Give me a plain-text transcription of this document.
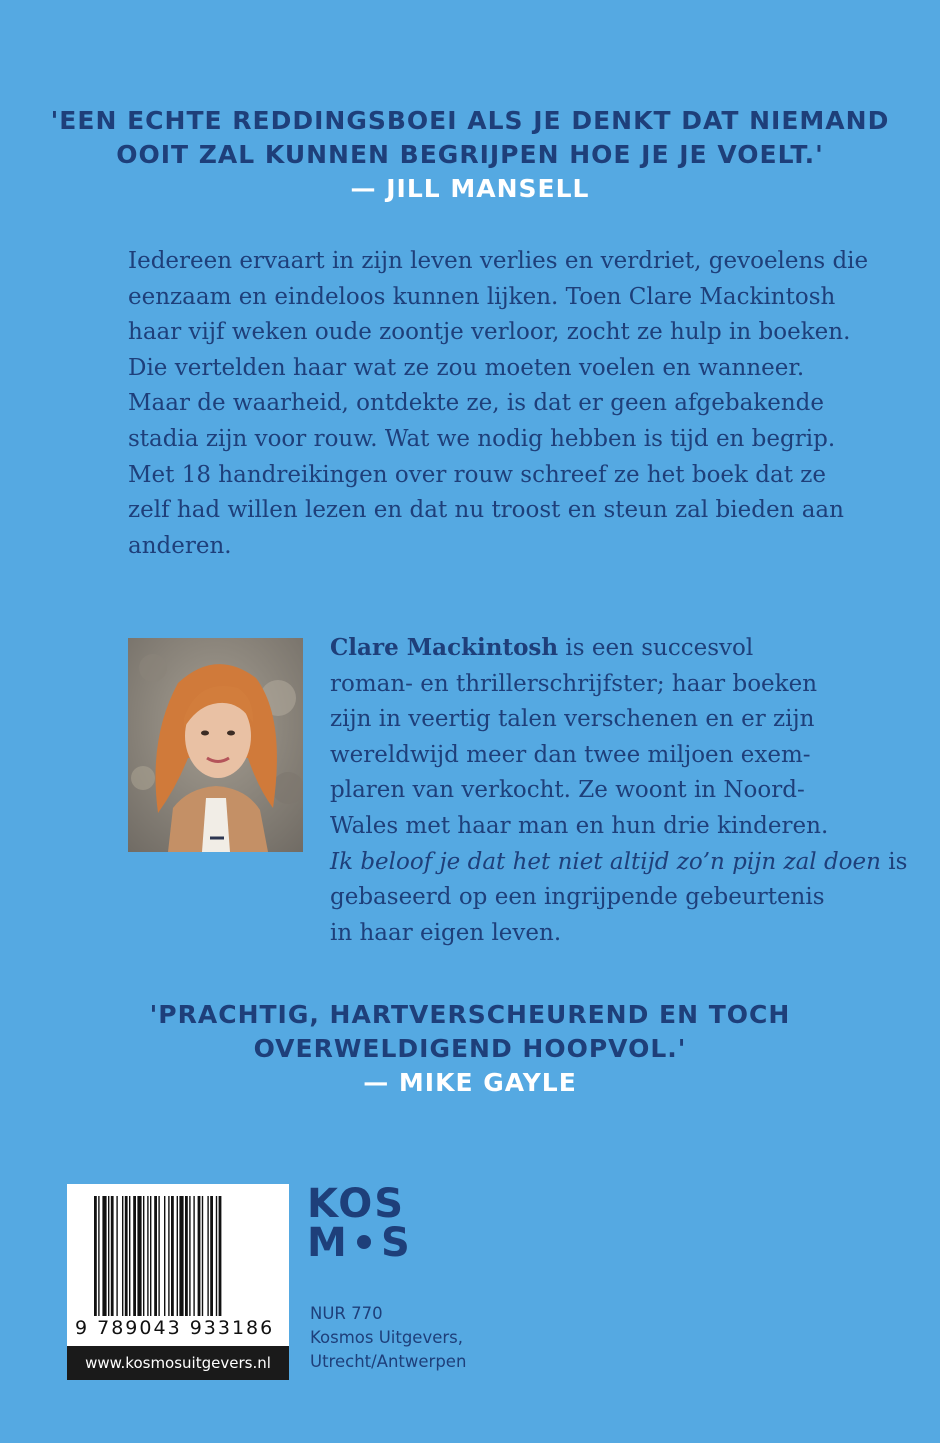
'EEN ECHTE REDDINGSBOEI ALS JE DENKT DAT NIEMAND
OOIT ZAL KUNNEN BEGRIJPEN HOE JE JE VOELT.'
— JILL MANSELL
Iedereen ervaart in zijn leven verlies en verdriet, gevoelens die
eenzaam en eindeloos kunnen lijken. Toen Clare Mackintosh
haar vijf weken oude zoontje verloor, zocht ze hulp in boeken.
Die vertelden haar wat ze zou moeten voelen en wanneer.
Maar de waarheid, ontdekte ze, is dat er geen afgebakende
stadia zijn voor rouw. Wat we nodig hebben is tijd en begrip.
Met 18 handreikingen over rouw schreef ze het boek dat ze
zelf had willen lezen en dat nu troost en steun zal bieden aan
anderen.
Clare Mackintosh is een succesvol
roman- en thrillerschrijfster; haar boeken
zijn in veertig talen verschenen en er zijn
wereldwijd meer dan twee miljoen exem-
plaren van verkocht. Ze woont in Noord-
Wales met haar man en hun drie kinderen.
Ik beloof je dat het niet altijd zo’n pijn zal doen is
gebaseerd op een ingrijpende gebeurtenis
in haar eigen leven.
'PRACHTIG, HARTVERSCHEUREND EN TOCH
OVERWELDIGEND HOOPVOL.'
— MIKE GAYLE
9 789043 933186
www.kosmosuitgevers.nl
KOS
M S
NUR 770
Kosmos Uitgevers,
Utrecht/Antwerpen
